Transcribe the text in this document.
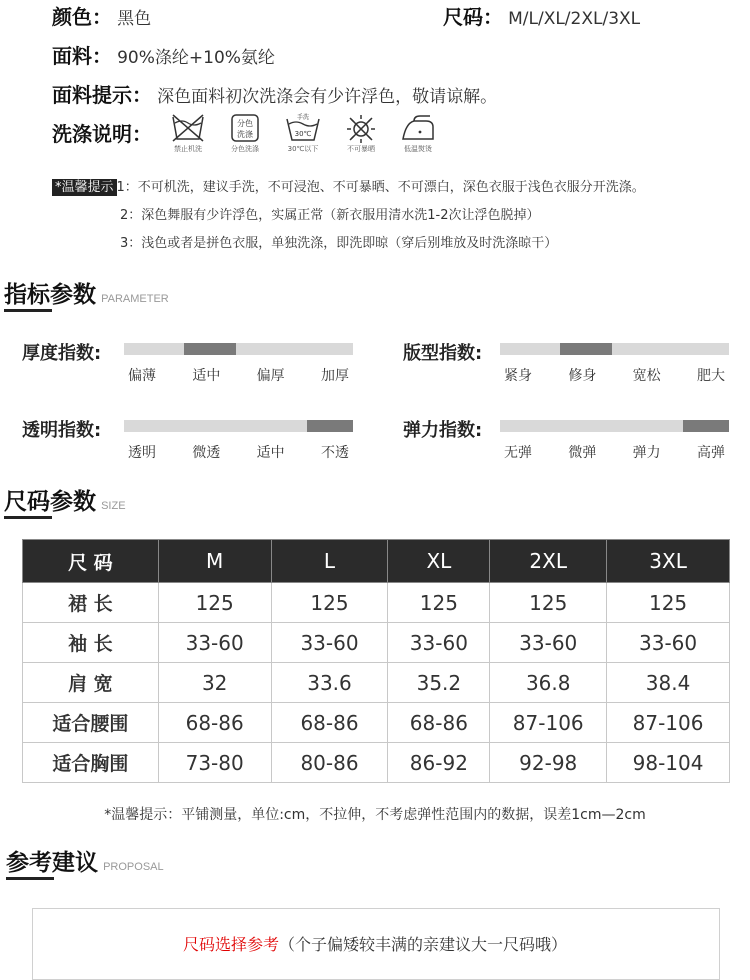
颜色： 黑色	尺码： M/L/XL/2XL/3XL
面料： 90%涤纶+10%氨纶
面料提示： 深色面料初次洗涤会有少许浮色，敬请谅解。
洗涤说明：
禁止机洗
分色
洗涤
分色洗涤
手洗
30℃
30℃以下	不可暴晒	低温熨烫
*温馨提示 1：不可机洗，建议手洗，不可浸泡、不可暴晒、不可漂白，深色衣服于浅色衣服分开洗涤。
2：深色舞服有少许浮色，实属正常（新衣服用清水洗1-2次让浮色脱掉）
3：浅色或者是拼色衣服，单独洗涤，即洗即晾（穿后别堆放及时洗涤晾干）
指标参数 PARAMETER
厚度指数:
偏薄	适中	偏厚	加厚
版型指数:
紧身	修身	宽松	肥大
透明指数:
透明	微透	适中	不透
弹力指数:
无弹	微弹	弹力	高弹
尺码参数 SIZE
尺 码	M	L	XL	2XL	3XL
裙 长	125	125	125	125	125
袖 长	33-60	33-60	33-60	33-60	33-60
肩 宽	32	33.6	35.2	36.8	38.4
适合腰围	68-86	68-86	68-86	87-106	87-106
适合胸围	73-80	80-86	86-92	92-98	98-104
*温馨提示：平铺测量，单位:cm，不拉伸，不考虑弹性范围内的数据，误差1cm—2cm
参考建议 PROPOSAL
尺码选择参考（个子偏矮较丰满的亲建议大一尺码哦）
